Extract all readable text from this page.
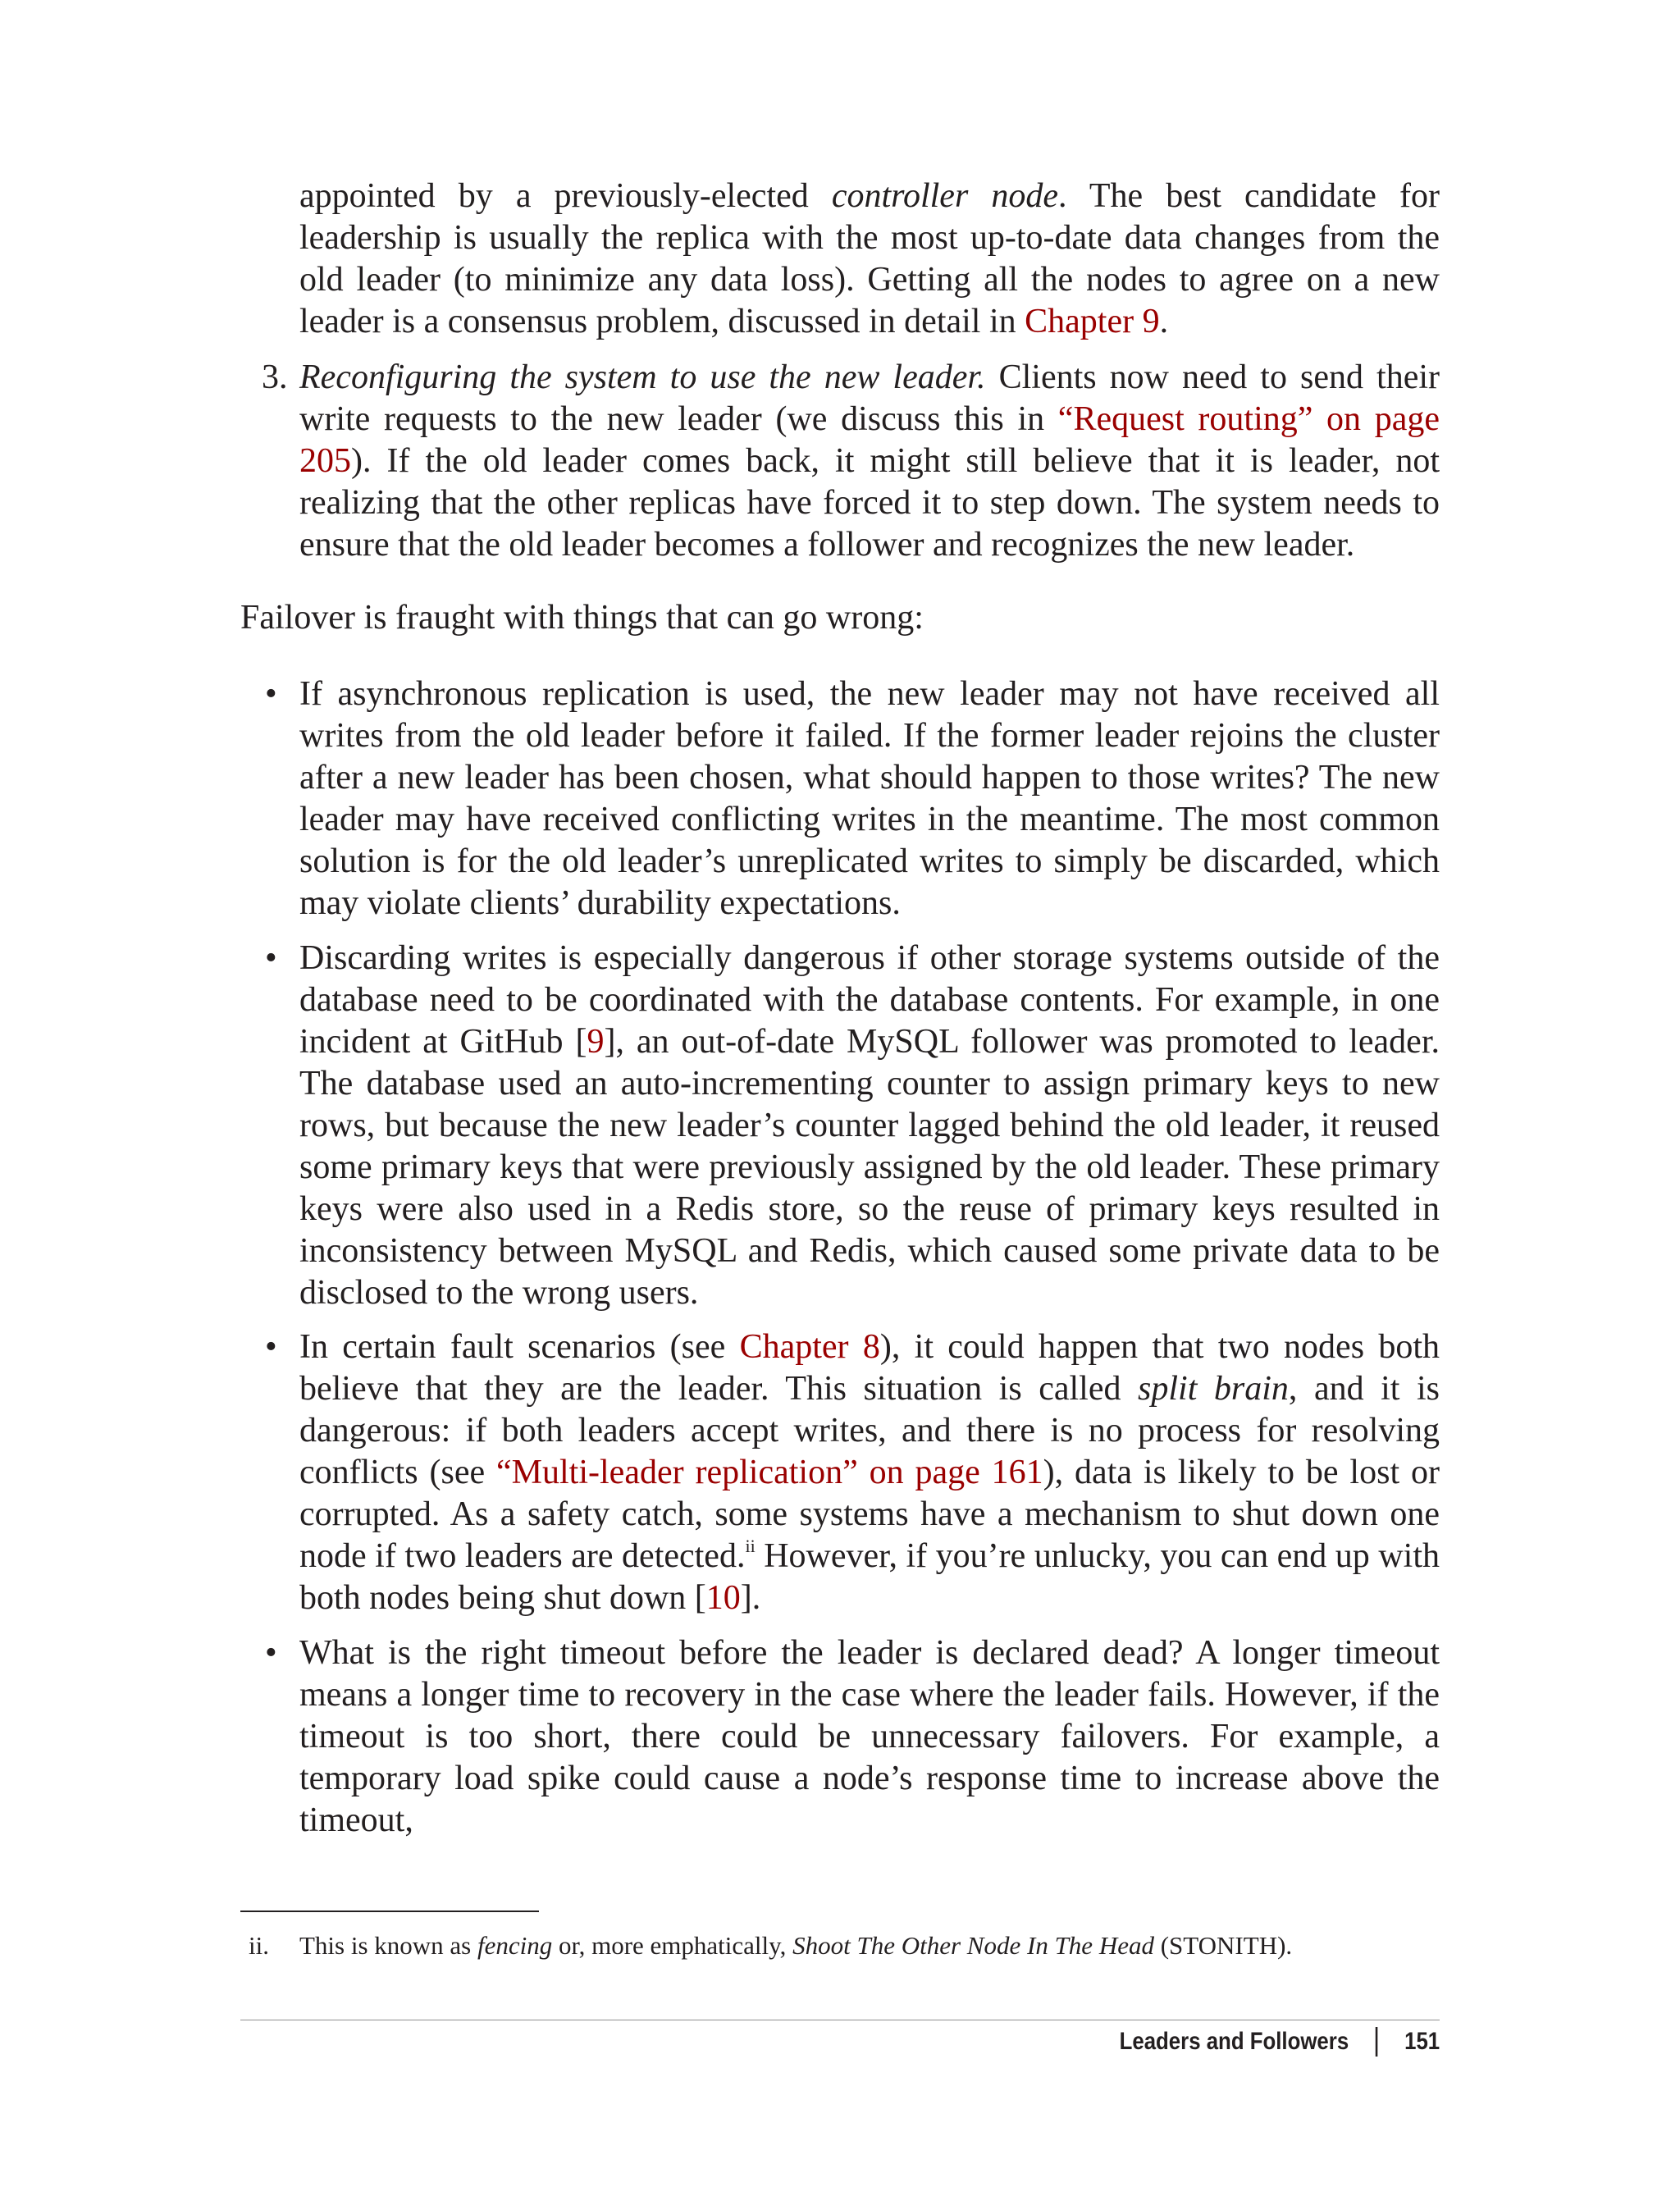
appointed by a previously-elected controller node. The best candidate for leadership is usually the replica with the most up-to-date data changes from the old leader (to minimize any data loss). Getting all the nodes to agree on a new leader is a consensus problem, discussed in detail in Chapter 9.

3. Reconfiguring the system to use the new leader. Clients now need to send their write requests to the new leader (we discuss this in “Request routing” on page 205). If the old leader comes back, it might still believe that it is leader, not realizing that the other replicas have forced it to step down. The system needs to ensure that the old leader becomes a follower and recognizes the new leader.

Failover is fraught with things that can go wrong:

• If asynchronous replication is used, the new leader may not have received all writes from the old leader before it failed. If the former leader rejoins the cluster after a new leader has been chosen, what should happen to those writes? The new leader may have received conflicting writes in the meantime. The most common solution is for the old leader’s unreplicated writes to simply be discarded, which may violate clients’ durability expectations.

• Discarding writes is especially dangerous if other storage systems outside of the database need to be coordinated with the database contents. For example, in one incident at GitHub [9], an out-of-date MySQL follower was promoted to leader. The database used an auto-incrementing counter to assign primary keys to new rows, but because the new leader’s counter lagged behind the old leader, it reused some primary keys that were previously assigned by the old leader. These primary keys were also used in a Redis store, so the reuse of primary keys resulted in inconsistency between MySQL and Redis, which caused some private data to be disclosed to the wrong users.

• In certain fault scenarios (see Chapter 8), it could happen that two nodes both believe that they are the leader. This situation is called split brain, and it is dangerous: if both leaders accept writes, and there is no process for resolving conflicts (see “Multi-leader replication” on page 161), data is likely to be lost or corrupted. As a safety catch, some systems have a mechanism to shut down one node if two leaders are detected.$^{ii}$ However, if you’re unlucky, you can end up with both nodes being shut down [10].

• What is the right timeout before the leader is declared dead? A longer timeout means a longer time to recovery in the case where the leader fails. However, if the timeout is too short, there could be unnecessary failovers. For example, a temporary load spike could cause a node’s response time to increase above the timeout,

ii. This is known as fencing or, more emphatically, Shoot The Other Node In The Head (STONITH).

Leaders and Followers 151
